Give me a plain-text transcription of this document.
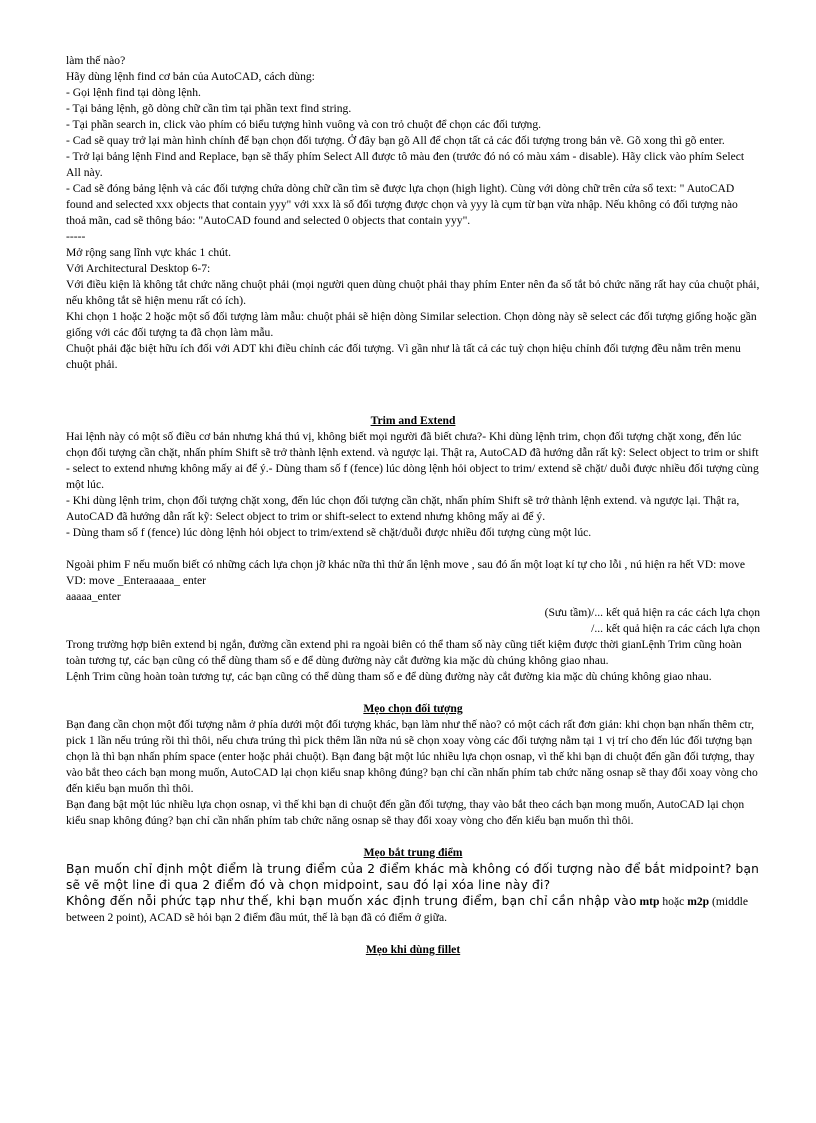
làm thế nào?

Hãy dùng lệnh find cơ bản của AutoCAD, cách dùng:

- Gọi lệnh find tại dòng lệnh.

- Tại bảng lệnh, gõ dòng chữ cần tìm tại phần text find string.

- Tại phần search in, click vào phím có biểu tượng hình vuông và con trỏ chuột để chọn các đối tượng.

- Cad sẽ quay trở lại màn hình chính để bạn chọn đối tượng. Ở đây bạn gõ All để chọn tất cả các đối tượng trong bản vẽ. Gõ xong thì gõ enter.

- Trở lại bảng lệnh Find and Replace, bạn sẽ thấy phím Select All được tô màu đen (trước đó nó có màu xám - disable). Hãy click vào phím Select All này.

- Cad sẽ đóng bảng lệnh và các đối tượng chứa dòng chữ cần tìm sẽ được lựa chọn (high light). Cùng với dòng chữ trên cửa sổ text: " AutoCAD found and selected xxx objects that contain yyy" với xxx là số đối tượng được chọn và yyy là cụm từ bạn vừa nhập. Nếu không có đối tượng nào thoả mãn, cad sẽ thông báo: "AutoCAD found and selected 0 objects that contain yyy".

-----

Mở rộng sang lĩnh vực khác 1 chút.

Với Architectural Desktop 6-7:

Với điều kiện là không tắt chức năng chuột phải (mọi người quen dùng chuột phải thay phím Enter nên đa số tắt bỏ chức năng rất hay của chuột phải, nếu không tắt sẽ hiện menu rất có ích).

Khi chọn 1 hoặc 2 hoặc một số đối tượng làm mẫu: chuột phải sẽ hiện dòng Similar selection. Chọn dòng này sẽ select các đối tượng giống hoặc gần giống với các đối tượng ta đã chọn làm mẫu.

Chuột phải đặc biệt hữu ích đối với ADT khi điều chỉnh các đối tượng. Vì gần như là tất cả các tuỳ chọn hiệu chỉnh đối tượng đều nằm trên menu chuột phải.

Trim and Extend

Hai lệnh này có một số điều cơ bản nhưng khá thú vị, không biết mọi người đã biết chưa?- Khi dùng lệnh trim, chọn đối tượng chặt xong, đến lúc chọn đối tượng cần chặt, nhấn phím Shift sẽ trở thành lệnh extend. và ngược lại. Thật ra, AutoCAD đã hướng dẫn rất kỹ: Select object to trim or shift - select to extend nhưng không mấy ai để ý.- Dùng tham số f (fence) lúc dòng lệnh hỏi object to trim/ extend sẽ chặt/ duỗi được nhiều đối tượng cùng một lúc.

- Khi dùng lệnh trim, chọn đối tượng chặt xong, đến lúc chọn đối tượng cần chặt, nhấn phím Shift sẽ trở thành lệnh extend. và ngược lại. Thật ra, AutoCAD đã hướng dẫn rất kỹ: Select object to trim or shift-select to extend nhưng không mấy ai để ý.

- Dùng tham số f (fence) lúc dòng lệnh hỏi object to trim/extend sẽ chặt/duỗi được nhiều đối tượng cùng một lúc.

Ngoài phim F nếu muốn biết có những cách lựa chọn jỡ khác nữa thì thử ẩn lệnh move , sau đó ấn một loạt kí tự cho lỗi , nú hiện ra hết VD: move

VD: move _Enteraaaaa_ enter

aaaaa_enter

(Sưu tầm)/... kết quả hiện ra các cách lựa chọn

/... kết quả hiện ra các cách lựa chọn

Trong trường hợp biên extend bị ngắn, đường cần extend phi ra ngoài biên có thể tham số này cũng tiết kiệm được thời gianLệnh Trim cũng hoàn toàn tương tự, các bạn cũng có thể dùng tham số e để dùng đường này cắt đường kia mặc dù chúng không giao nhau.

Lệnh Trim cũng hoàn toàn tương tự, các bạn cũng có thể dùng tham số e để dùng đường này cắt đường kia mặc dù chúng không giao nhau.

Mẹo chọn đối tượng

Bạn đang cần chọn một đối tượng nằm ở phía dưới một đối tượng khác, bạn làm như thế nào? có một cách rất đơn giản: khi chọn bạn nhấn thêm ctr, pick 1 lần nếu trúng rồi thì thôi, nếu chưa trúng thì pick thêm lần nữa nú sẽ chọn xoay vòng các đối tượng nằm tại 1 vị trí cho đến lúc đối tượng bạn chọn là thì bạn nhấn phím space (enter hoặc phải chuột). Bạn đang bật một lúc nhiều lựa chọn osnap, vì thế khi bạn di chuột đến gần đối tượng, thay vào bắt theo cách bạn mong muốn, AutoCAD lại chọn kiểu snap không đúng? bạn chỉ cần nhấn phím tab chức năng osnap sẽ thay đổi xoay vòng cho đến kiểu bạn muốn thì thôi.

Bạn đang bật một lúc nhiều lựa chọn osnap, vì thế khi bạn di chuột đến gần đối tượng, thay vào bắt theo cách bạn mong muốn, AutoCAD lại chọn kiểu snap không đúng? bạn chỉ cần nhấn phím tab chức năng osnap sẽ thay đổi xoay vòng cho đến kiểu bạn muốn thì thôi.

Mẹo bắt trung điểm

Bạn muốn chỉ định một điểm là trung điểm của 2 điểm khác mà không có đối tượng nào để bắt midpoint? bạn sẽ vẽ một line đi qua 2 điểm đó và chọn midpoint, sau đó lại xóa line này đi?

Không đến nỗi phức tạp như thế, khi bạn muốn xác định trung điểm, bạn chỉ cần nhập vào mtp hoặc m2p (middle between 2 point), ACAD sẽ hỏi bạn 2 điểm đầu mút, thế là bạn đã có điểm ở giữa.

Mẹo khi dùng fillet
